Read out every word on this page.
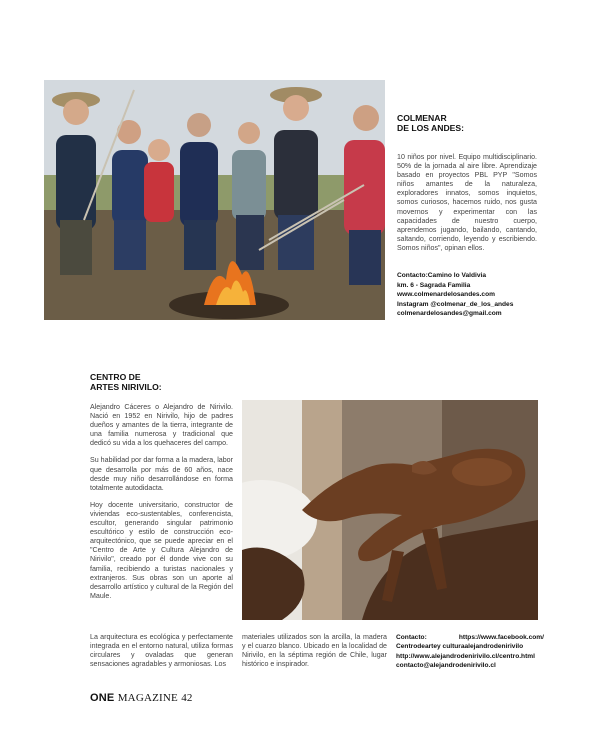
COLMENAR
DE LOS ANDES:
10 niños por nivel. Equipo multidisciplinario. 50% de la jornada al aire libre. Aprendizaje basado en proyectos PBL PYP "Somos niños amantes de la naturaleza, exploradores innatos, somos inquietos, somos curiosos, hacemos ruido, nos gusta movernos y experimentar con las capacidades de nuestro cuerpo, aprendemos jugando, bailando, cantando, saltando, corriendo, leyendo y escribiendo. Somos niños", opinan ellos.
Contacto:Camino lo Valdivia
km. 6 - Sagrada Familia
www.colmenardelosandes.com
Instagram @colmenar_de_los_andes
colmenardelosandes@gmail.com
CENTRO DE
ARTES NIRIVILO:

Alejandro Cáceres o Alejandro de Nirivilo. Nació en 1952 en Nirivilo, hijo de padres dueños y amantes de la tierra, integrante de una familia numerosa y tradicional que dedicó su vida a los quehaceres del campo.

Su habilidad por dar forma a la madera, labor que desarrolla por más de 60 años, nace desde muy niño desarrollándose en forma totalmente autodidacta.

Hoy docente universitario, constructor de viviendas eco-sustentables, conferencista, escultor, generando singular patrimonio escultórico y estilo de construcción eco-arquitectónico, que se puede apreciar en el "Centro de Arte y Cultura Alejandro de Nirivilo", creado por él donde vive con su familia, recibiendo a turistas nacionales y extranjeros. Sus obras son un aporte al desarrollo artístico y cultural de la Región del Maule.

La arquitectura es ecológica y perfectamente integrada en el entorno natural, utiliza formas circulares y ovaladas que generan sensaciones agradables y armoniosas. Los
materiales utilizados son la arcilla, la madera y el cuarzo blanco. Ubicado en la localidad de Nirivilo, en la séptima región de Chile, lugar histórico e inspirador.
Contacto:	https://www.facebook.com/
Centrodeartey culturaalejandrodenirivilo
http://www.alejandrodenirivilo.cl/centro.html
contacto@alejandrodenirivilo.cl
ONE MAGAZINE 42
